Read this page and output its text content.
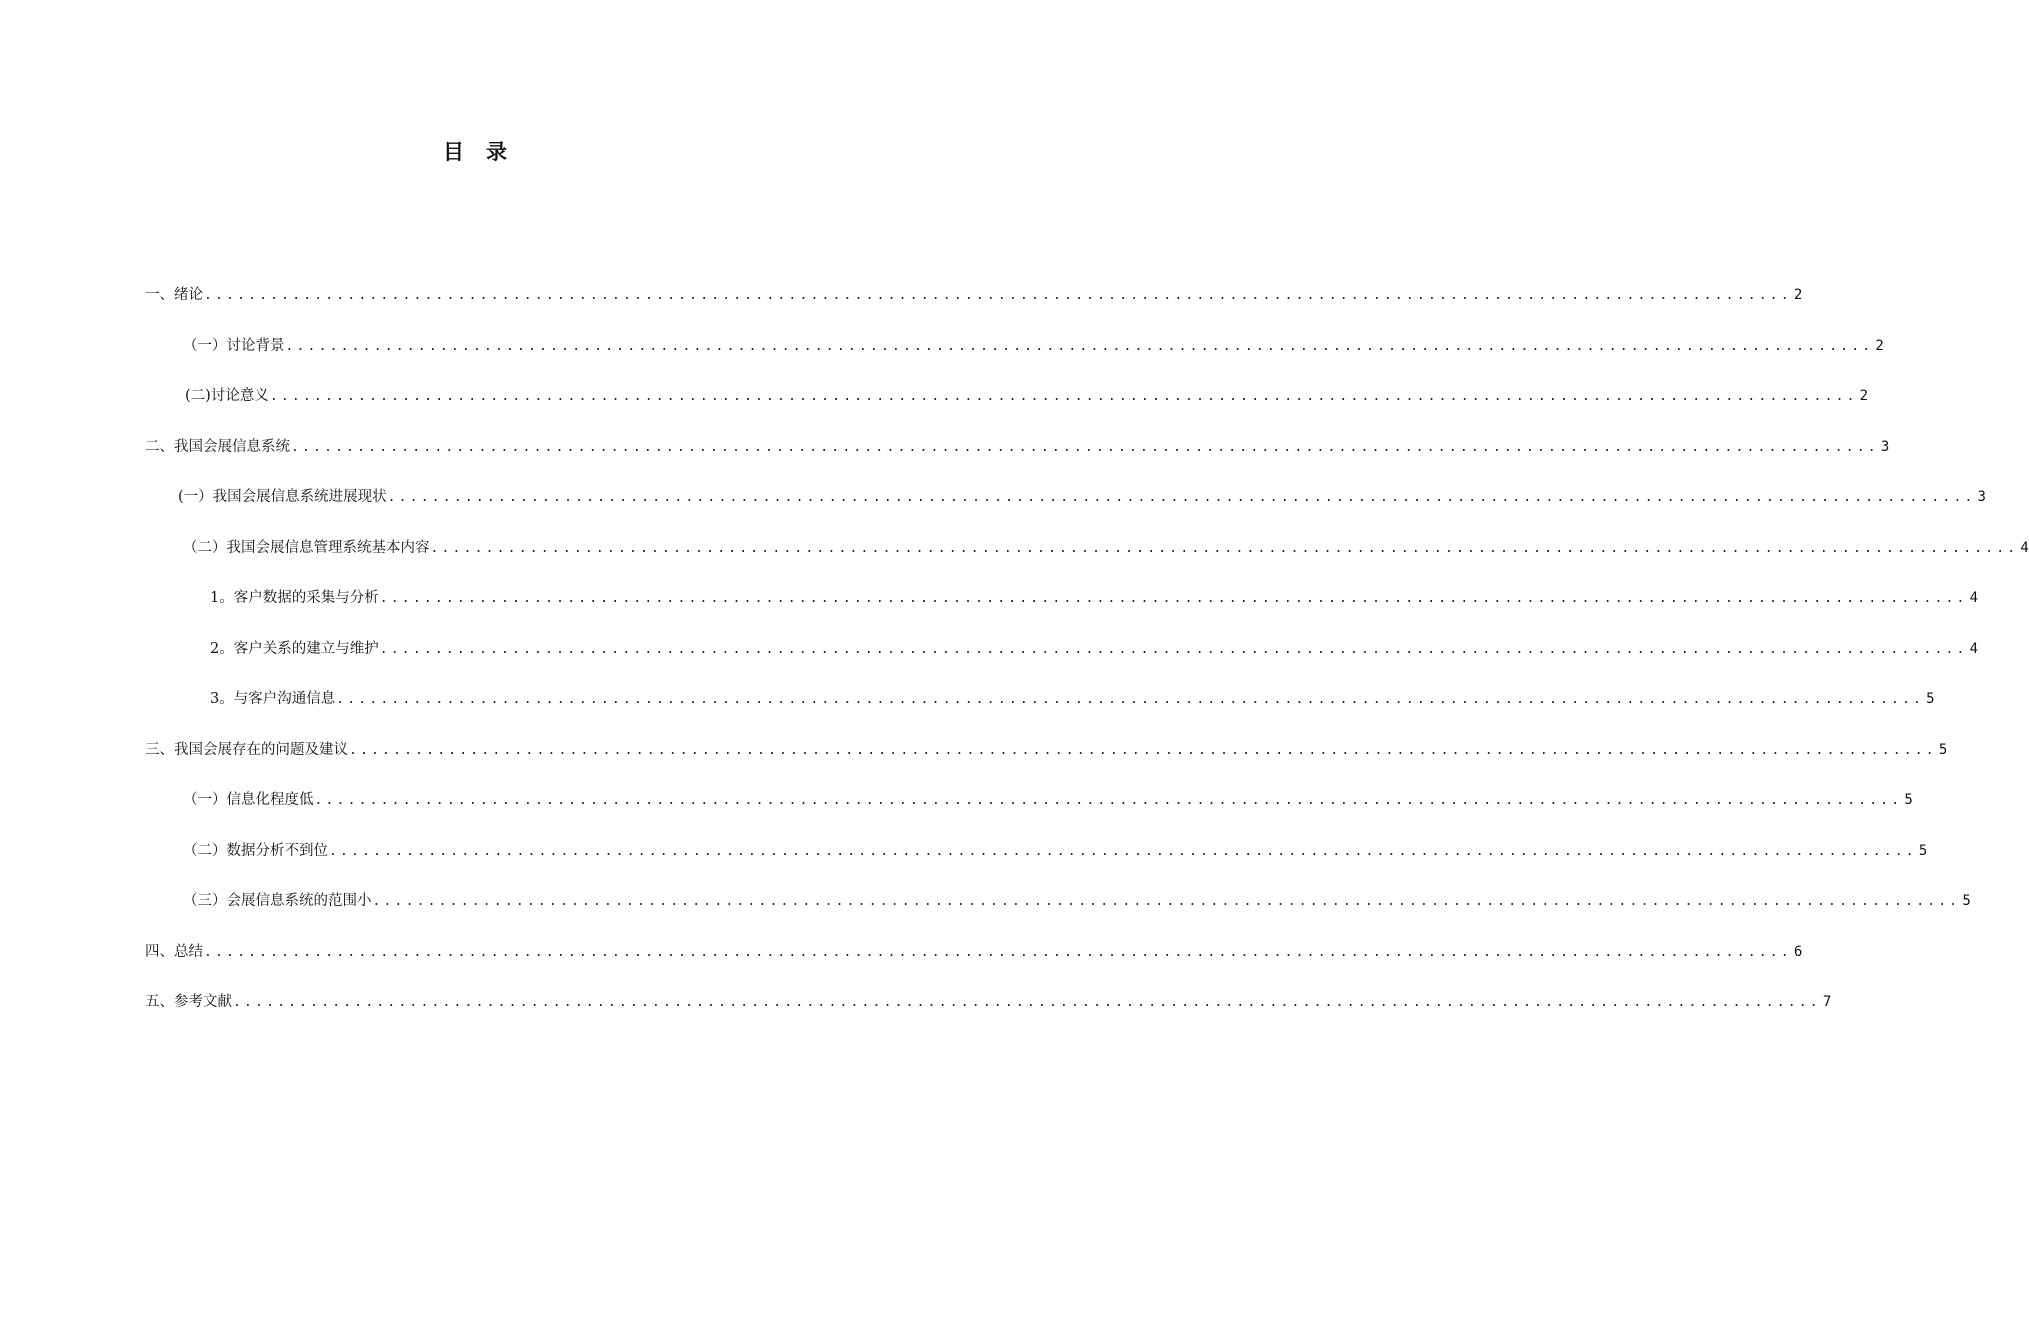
目 录
一、 绪论 ................................................................................................................................................ 2
（一）讨论背景 ................................................................................................................................................ 2
(二)讨论意义 ................................................................................................................................................ 2
二、 我国会展信息系统 ................................................................................................................................................ 3
(一）我国会展信息系统进展现状 ................................................................................................................................................ 3
（二）我国会展信息管理系统基本内容 ................................................................................................................................................ 4
1。客户数据的采集与分析 ................................................................................................................................................ 4
2。客户关系的建立与维护 ................................................................................................................................................ 4
3。与客户沟通信息 ................................................................................................................................................ 5
三、 我国会展存在的问题及建议 ................................................................................................................................................ 5
（一）信息化程度低 ................................................................................................................................................ 5
（二）数据分析不到位 ................................................................................................................................................ 5
（三）会展信息系统的范围小 ................................................................................................................................................ 5
四、 总结 ................................................................................................................................................ 6
五、 参考文献 ................................................................................................................................................ 7
